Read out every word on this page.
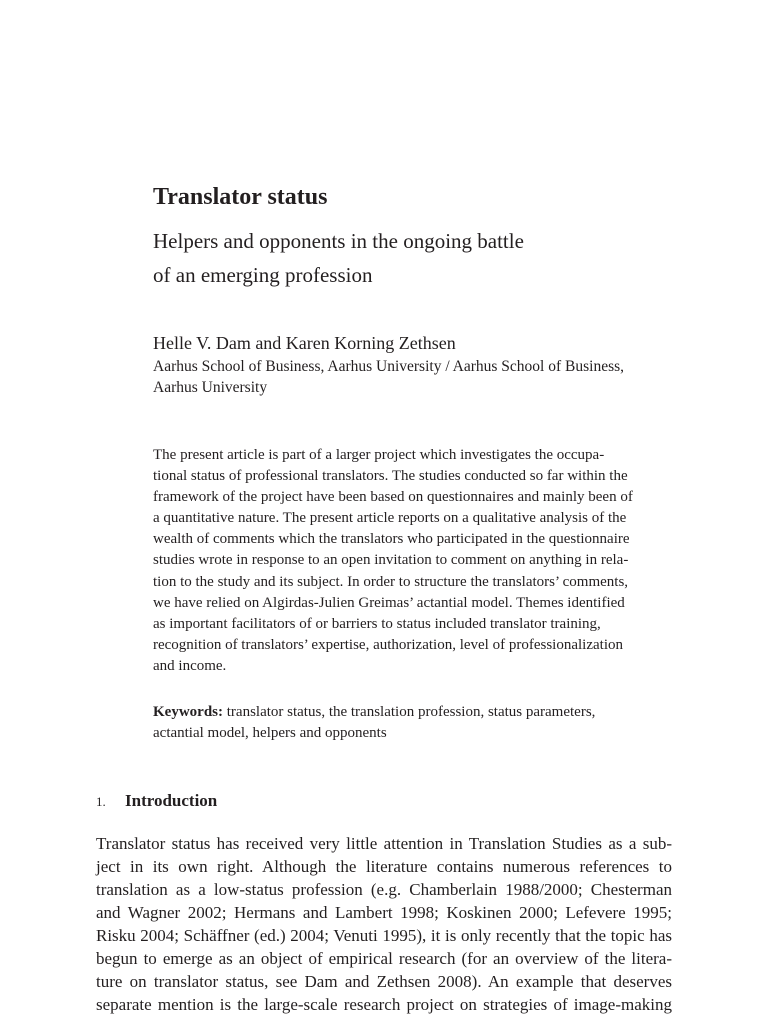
Translator status
Helpers and opponents in the ongoing battle
of an emerging profession
Helle V. Dam and Karen Korning Zethsen
Aarhus School of Business, Aarhus University / Aarhus School of Business,
Aarhus University
The present article is part of a larger project which investigates the occupa-
tional status of professional translators. The studies conducted so far within the
framework of the project have been based on questionnaires and mainly been of
a quantitative nature. The present article reports on a qualitative analysis of the
wealth of comments which the translators who participated in the questionnaire
studies wrote in response to an open invitation to comment on anything in rela-
tion to the study and its subject. In order to structure the translators’ comments,
we have relied on Algirdas-Julien Greimas’ actantial model. Themes identified
as important facilitators of or barriers to status included translator training,
recognition of translators’ expertise, authorization, level of professionalization
and income.
Keywords: translator status, the translation profession, status parameters,
actantial model, helpers and opponents
1. Introduction
Translator status has received very little attention in Translation Studies as a sub-
ject in its own right. Although the literature contains numerous references to
translation as a low-status profession (e.g. Chamberlain 1988/2000; Chesterman
and Wagner 2002; Hermans and Lambert 1998; Koskinen 2000; Lefevere 1995;
Risku 2004; Schäffner (ed.) 2004; Venuti 1995), it is only recently that the topic has
begun to emerge as an object of empirical research (for an overview of the litera-
ture on translator status, see Dam and Zethsen 2008). An example that deserves
separate mention is the large-scale research project on strategies of image-making
